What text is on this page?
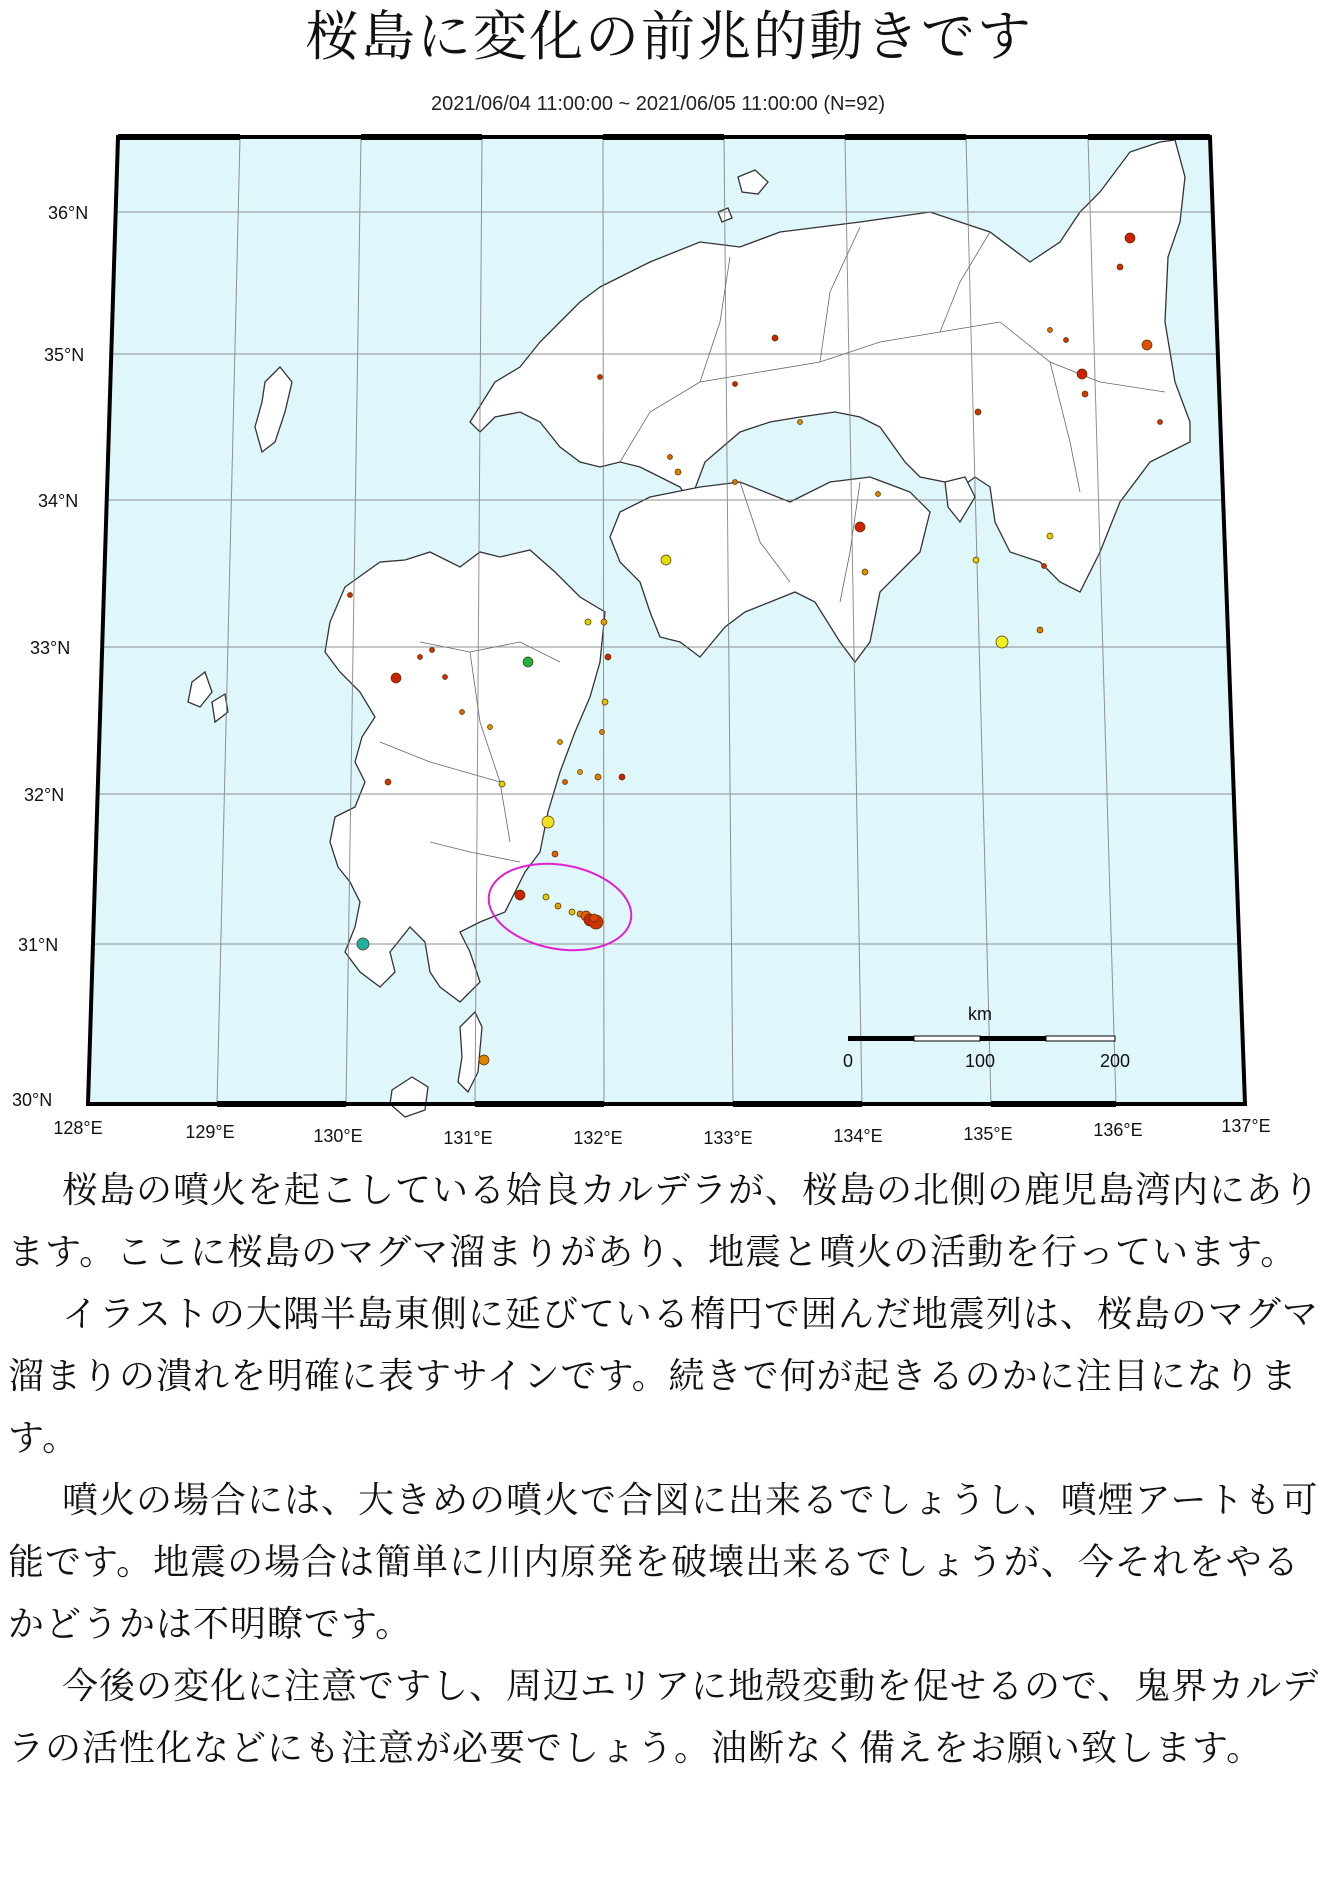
桜島に変化の前兆的動きです
2021/06/04 11:00:00 ~ 2021/06/05 11:00:00 (N=92)
36°N
35°N
34°N
33°N
32°N
31°N
30°N
128°E	129°E	130°E	131°E	132°E	133°E	134°E	135°E	136°E	137°E
km
0	100	200

桜島の噴火を起こしている姶良カルデラが、桜島の北側の鹿児島湾内にあります。ここに桜島のマグマ溜まりがあり、地震と噴火の活動を行っています。

イラストの大隅半島東側に延びている楕円で囲んだ地震列は、桜島のマグマ溜まりの潰れを明確に表すサインです。続きで何が起きるのかに注目になります。

噴火の場合には、大きめの噴火で合図に出来るでしょうし、噴煙アートも可能です。地震の場合は簡単に川内原発を破壊出来るでしょうが、今それをやるかどうかは不明瞭です。

今後の変化に注意ですし、周辺エリアに地殻変動を促せるので、鬼界カルデラの活性化などにも注意が必要でしょう。油断なく備えをお願い致します。
